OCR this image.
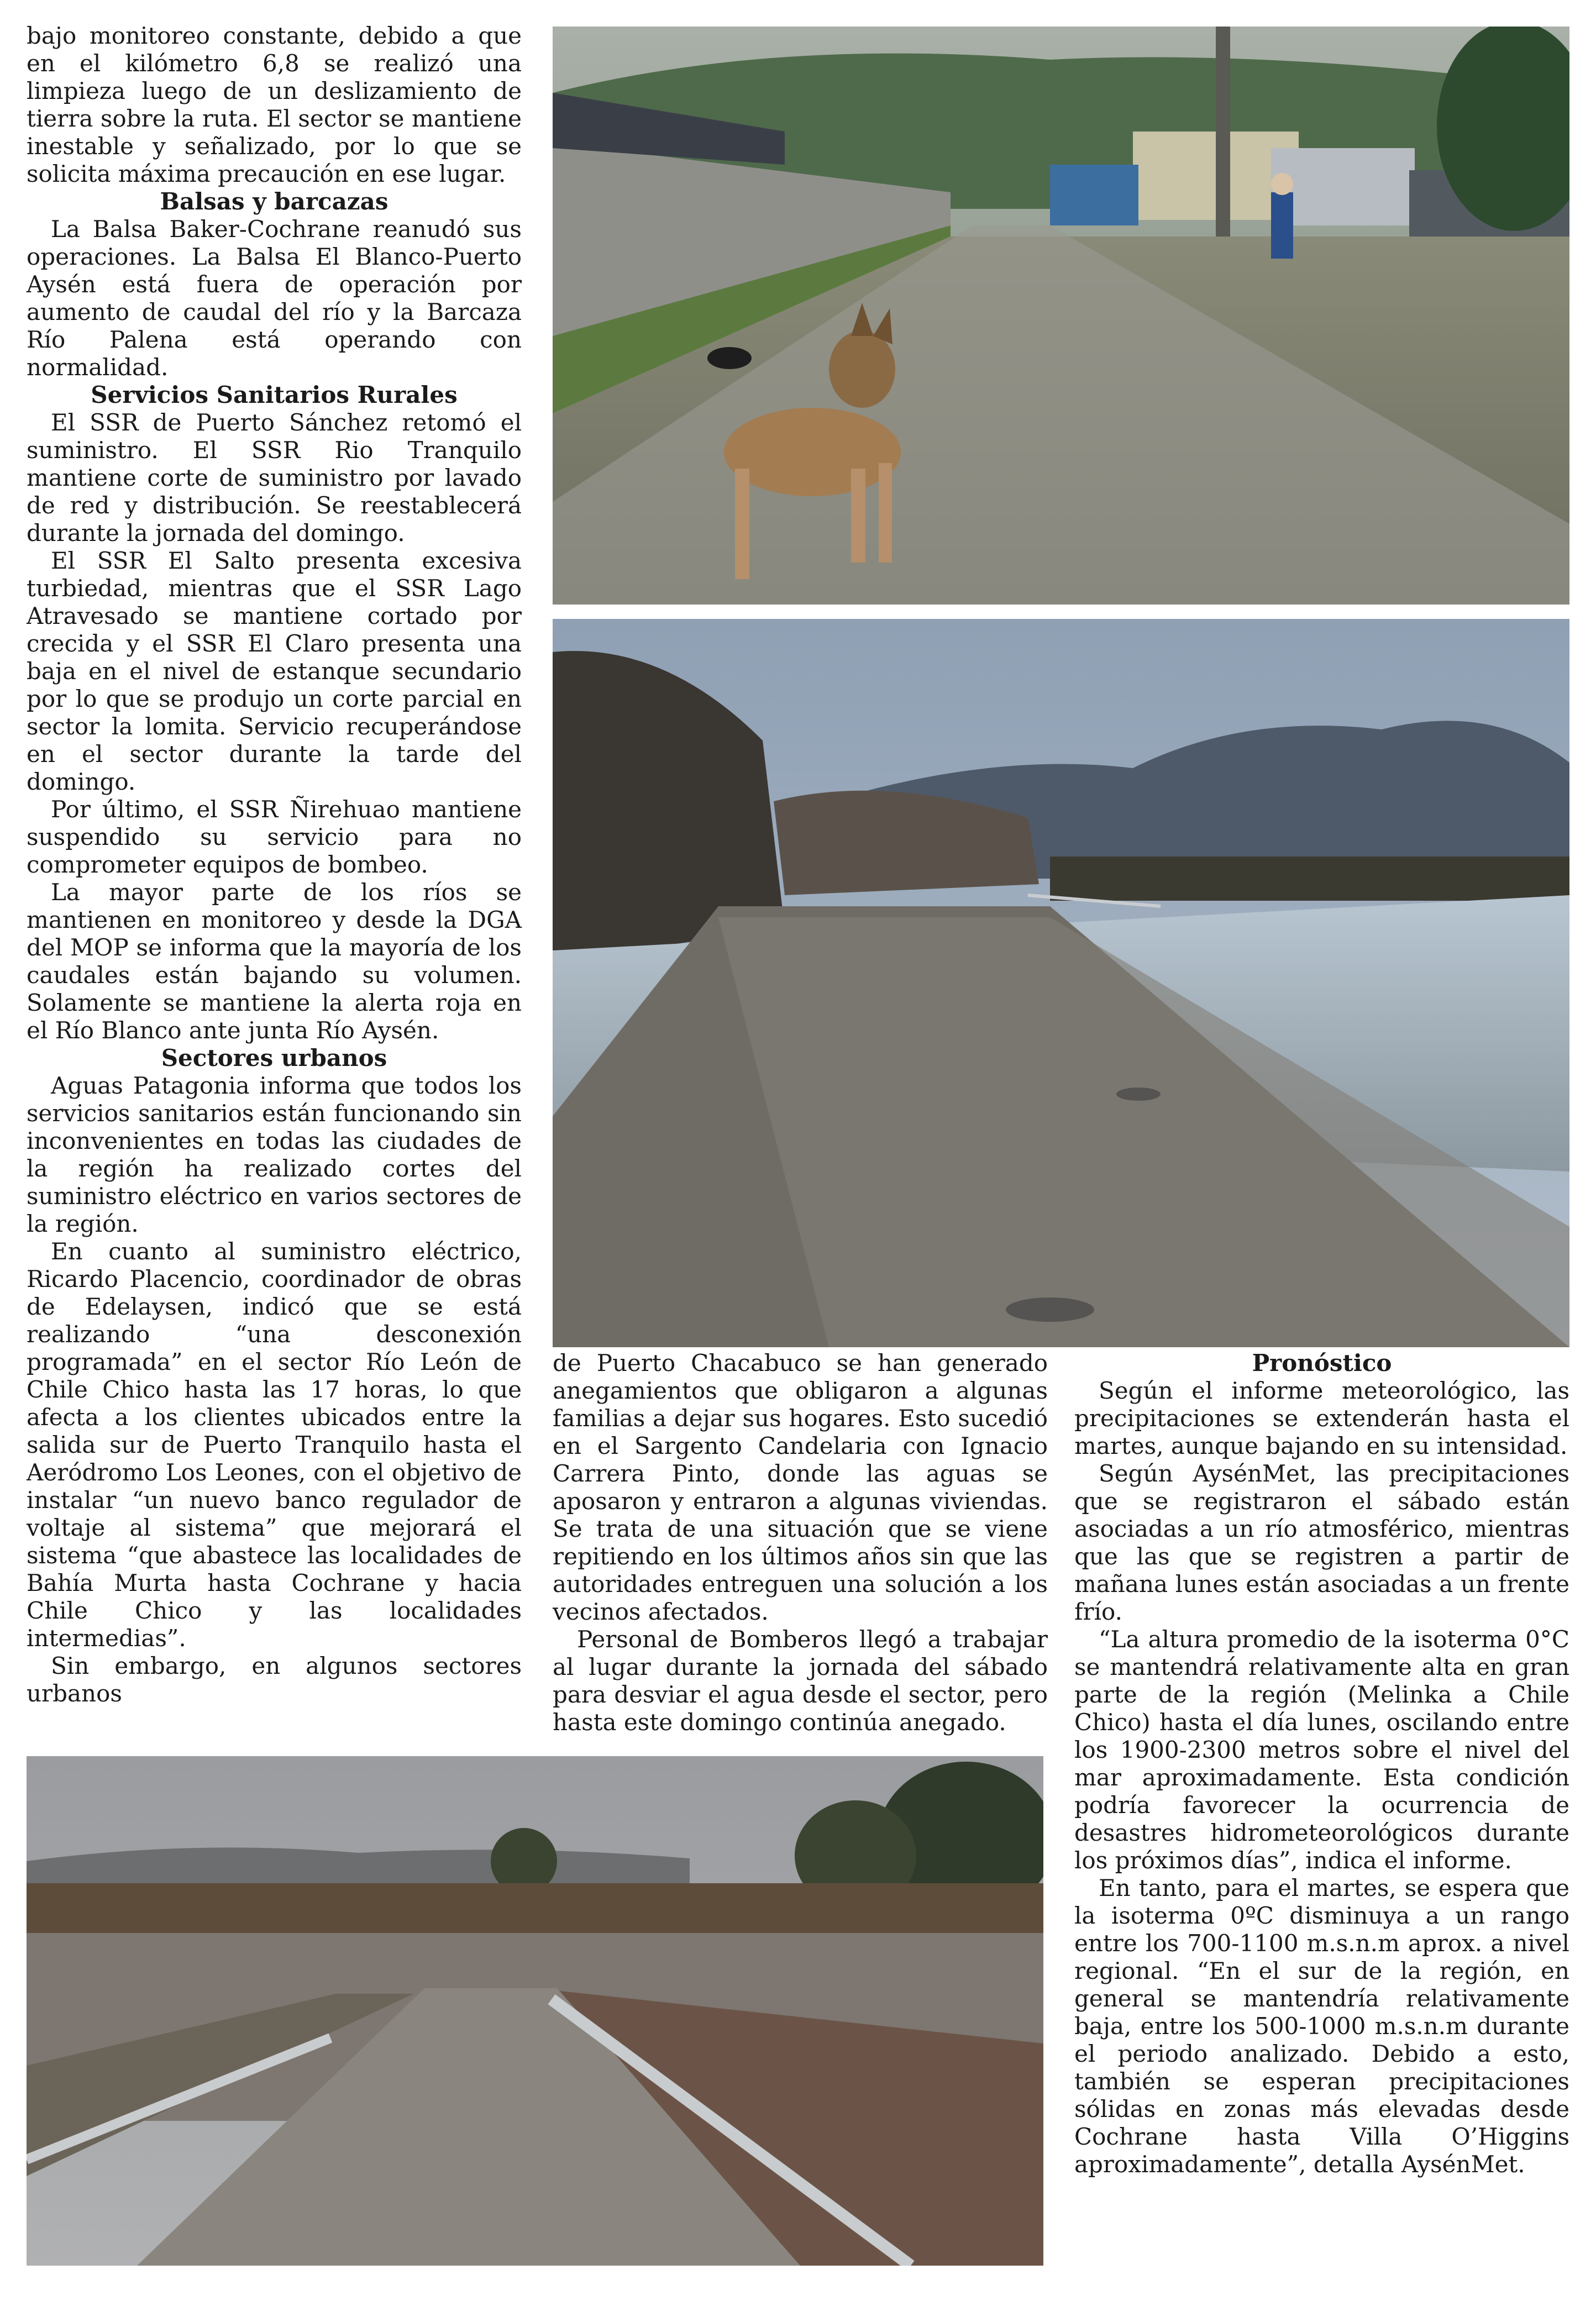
bajo monitoreo constante, debido a que en el kilómetro 6,8 se realizó una limpieza luego de un deslizamiento de tierra sobre la ruta. El sector se mantiene inestable y señalizado, por lo que se solicita máxima precaución en ese lugar.

Balsas y barcazas

La Balsa Baker-Cochrane reanudó sus operaciones. La Balsa El Blanco-Puerto Aysén está fuera de operación por aumento de caudal del río y la Barcaza Río Palena está operando con normalidad.

Servicios Sanitarios Rurales

El SSR de Puerto Sánchez retomó el suministro. El SSR Rio Tranquilo mantiene corte de suministro por lavado de red y distribución. Se reestablecerá durante la jornada del domingo.

El SSR El Salto presenta excesiva turbiedad, mientras que el SSR Lago Atravesado se mantiene cortado por crecida y el SSR El Claro presenta una baja en el nivel de estanque secundario por lo que se produjo un corte parcial en sector la lomita. Servicio recuperándose en el sector durante la tarde del domingo.

Por último, el SSR Ñirehuao mantiene suspendido su servicio para no comprometer equipos de bombeo.

La mayor parte de los ríos se mantienen en monitoreo y desde la DGA del MOP se informa que la mayoría de los caudales están bajando su volumen. Solamente se mantiene la alerta roja en el Río Blanco ante junta Río Aysén.

Sectores urbanos

Aguas Patagonia informa que todos los servicios sanitarios están funcionando sin inconvenientes en todas las ciudades de la región ha realizado cortes del suministro eléctrico en varios sectores de la región.

En cuanto al suministro eléctrico, Ricardo Placencio, coordinador de obras de Edelaysen, indicó que se está realizando “una desconexión programada” en el sector Río León de Chile Chico hasta las 17 horas, lo que afecta a los clientes ubicados entre la salida sur de Puerto Tranquilo hasta el Aeródromo Los Leones, con el objetivo de instalar “un nuevo banco regulador de voltaje al sistema” que mejorará el sistema “que abastece las localidades de Bahía Murta hasta Cochrane y hacia Chile Chico y las localidades intermedias”.

Sin embargo, en algunos sectores urbanos

de Puerto Chacabuco se han generado anegamientos que obligaron a algunas familias a dejar sus hogares. Esto sucedió en el Sargento Candelaria con Ignacio Carrera Pinto, donde las aguas se aposaron y entraron a algunas viviendas. Se trata de una situación que se viene repitiendo en los últimos años sin que las autoridades entreguen una solución a los vecinos afectados.

Personal de Bomberos llegó a trabajar al lugar durante la jornada del sábado para desviar el agua desde el sector, pero hasta este domingo continúa anegado.

Pronóstico

Según el informe meteorológico, las precipitaciones se extenderán hasta el martes, aunque bajando en su intensidad.

Según AysénMet, las precipitaciones que se registraron el sábado están asociadas a un río atmosférico, mientras que las que se registren a partir de mañana lunes están asociadas a un frente frío.

“La altura promedio de la isoterma 0°C se mantendrá relativamente alta en gran parte de la región (Melinka a Chile Chico) hasta el día lunes, oscilando entre los 1900-2300 metros sobre el nivel del mar aproximadamente. Esta condición podría favorecer la ocurrencia de desastres hidrometeorológicos durante los próximos días”, indica el informe.

En tanto, para el martes, se espera que la isoterma 0ºC disminuya a un rango entre los 700-1100 m.s.n.m aprox. a nivel regional. “En el sur de la región, en general se mantendría relativamente baja, entre los 500-1000 m.s.n.m durante el periodo analizado. Debido a esto, también se esperan precipitaciones sólidas en zonas más elevadas desde Cochrane hasta Villa O’Higgins aproximadamente”, detalla AysénMet.
